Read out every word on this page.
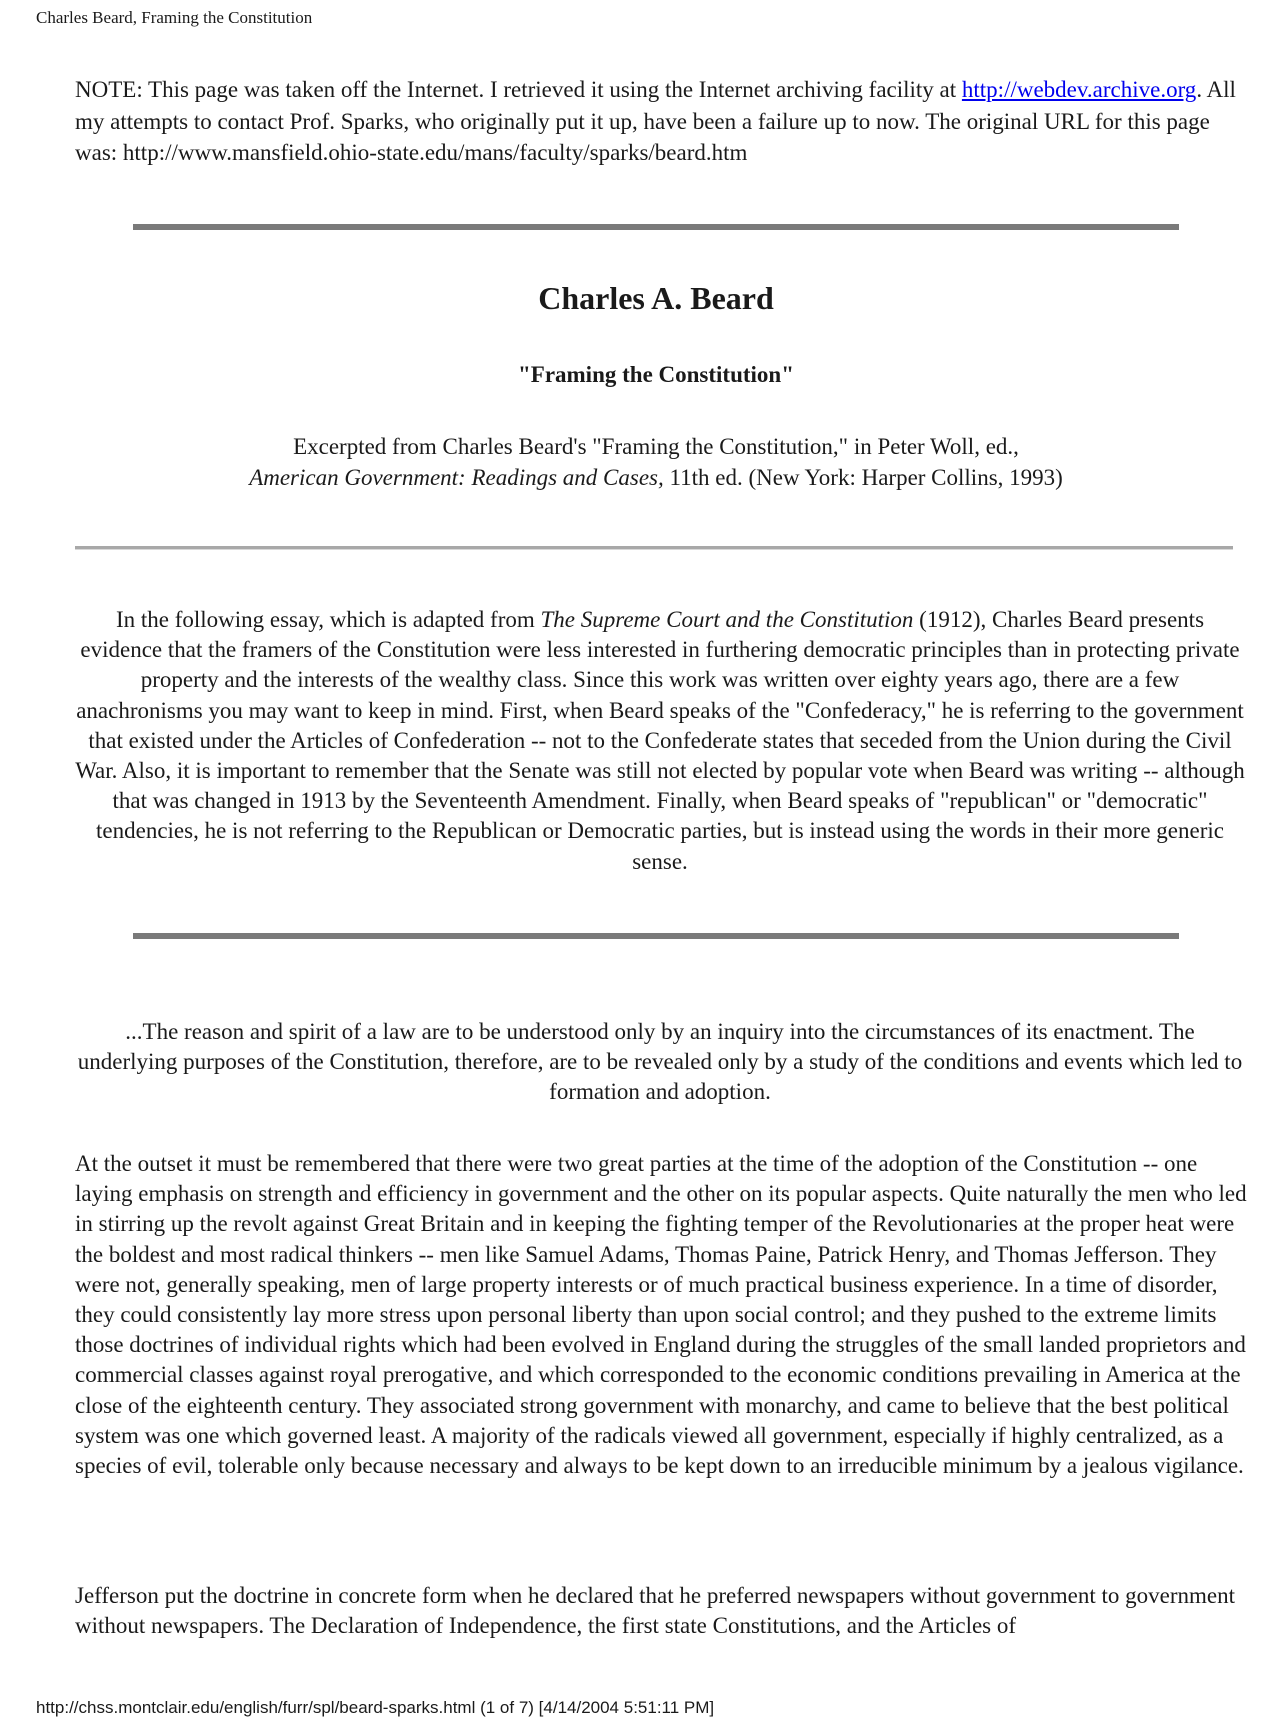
Charles Beard, Framing the Constitution
NOTE: This page was taken off the Internet. I retrieved it using the Internet archiving facility at http://webdev.archive.org. All my attempts to contact Prof. Sparks, who originally put it up, have been a failure up to now. The original URL for this page was: http://www.mansfield.ohio-state.edu/mans/faculty/sparks/beard.htm
Charles A. Beard
"Framing the Constitution"
Excerpted from Charles Beard's "Framing the Constitution," in Peter Woll, ed.,
American Government: Readings and Cases, 11th ed. (New York: Harper Collins, 1993)
In the following essay, which is adapted from The Supreme Court and the Constitution (1912), Charles Beard presents evidence that the framers of the Constitution were less interested in furthering democratic principles than in protecting private property and the interests of the wealthy class. Since this work was written over eighty years ago, there are a few anachronisms you may want to keep in mind. First, when Beard speaks of the "Confederacy," he is referring to the government that existed under the Articles of Confederation -- not to the Confederate states that seceded from the Union during the Civil War. Also, it is important to remember that the Senate was still not elected by popular vote when Beard was writing -- although that was changed in 1913 by the Seventeenth Amendment. Finally, when Beard speaks of "republican" or "democratic" tendencies, he is not referring to the Republican or Democratic parties, but is instead using the words in their more generic sense.

...The reason and spirit of a law are to be understood only by an inquiry into the circumstances of its enactment. The underlying purposes of the Constitution, therefore, are to be revealed only by a study of the conditions and events which led to formation and adoption.

At the outset it must be remembered that there were two great parties at the time of the adoption of the Constitution -- one laying emphasis on strength and efficiency in government and the other on its popular aspects. Quite naturally the men who led in stirring up the revolt against Great Britain and in keeping the fighting temper of the Revolutionaries at the proper heat were the boldest and most radical thinkers -- men like Samuel Adams, Thomas Paine, Patrick Henry, and Thomas Jefferson. They were not, generally speaking, men of large property interests or of much practical business experience. In a time of disorder, they could consistently lay more stress upon personal liberty than upon social control; and they pushed to the extreme limits those doctrines of individual rights which had been evolved in England during the struggles of the small landed proprietors and commercial classes against royal prerogative, and which corresponded to the economic conditions prevailing in America at the close of the eighteenth century. They associated strong government with monarchy, and came to believe that the best political system was one which governed least. A majority of the radicals viewed all government, especially if highly centralized, as a species of evil, tolerable only because necessary and always to be kept down to an irreducible minimum by a jealous vigilance.

Jefferson put the doctrine in concrete form when he declared that he preferred newspapers without government to government without newspapers. The Declaration of Independence, the first state Constitutions, and the Articles of

http://chss.montclair.edu/english/furr/spl/beard-sparks.html (1 of 7) [4/14/2004 5:51:11 PM]
